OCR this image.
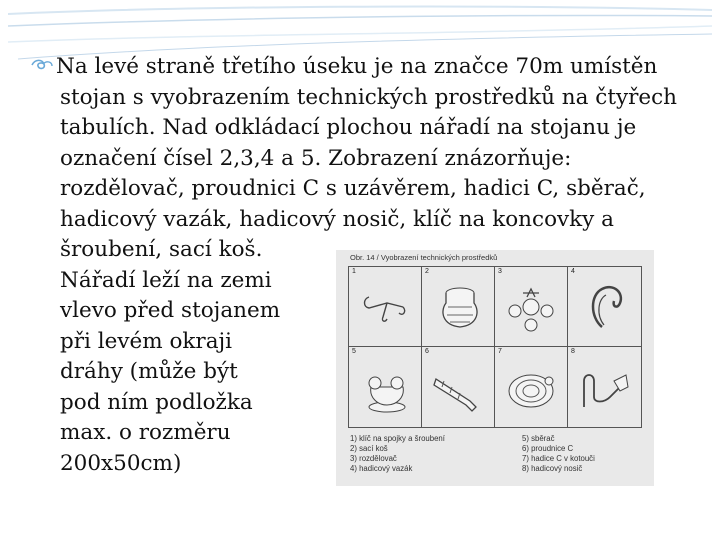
Na levé straně třetího úseku je na značce 70m umístěn
stojan s vyobrazením technických prostředků na čtyřech
tabulích. Nad odkládací plochou nářadí na stojanu je
označení čísel 2,3,4 a 5. Zobrazení znázorňuje:
rozdělovač, proudnici C s uzávěrem, hadici C, sběrač,
hadicový vazák, hadicový nosič, klíč na koncovky a
šroubení, sací koš.
Nářadí leží na zemi
vlevo před stojanem
při levém okraji
dráhy (může být
pod ním podložka
max. o rozměru
200x50cm)
Obr. 14 / Vyobrazení technických prostředků
1	2	3	4
5	6	7	8
1) klíč na spojky a šroubení
2) sací koš
3) rozdělovač
4) hadicový vazák
5) sběrač
6) proudnice C
7) hadice C v kotouči
8) hadicový nosič
